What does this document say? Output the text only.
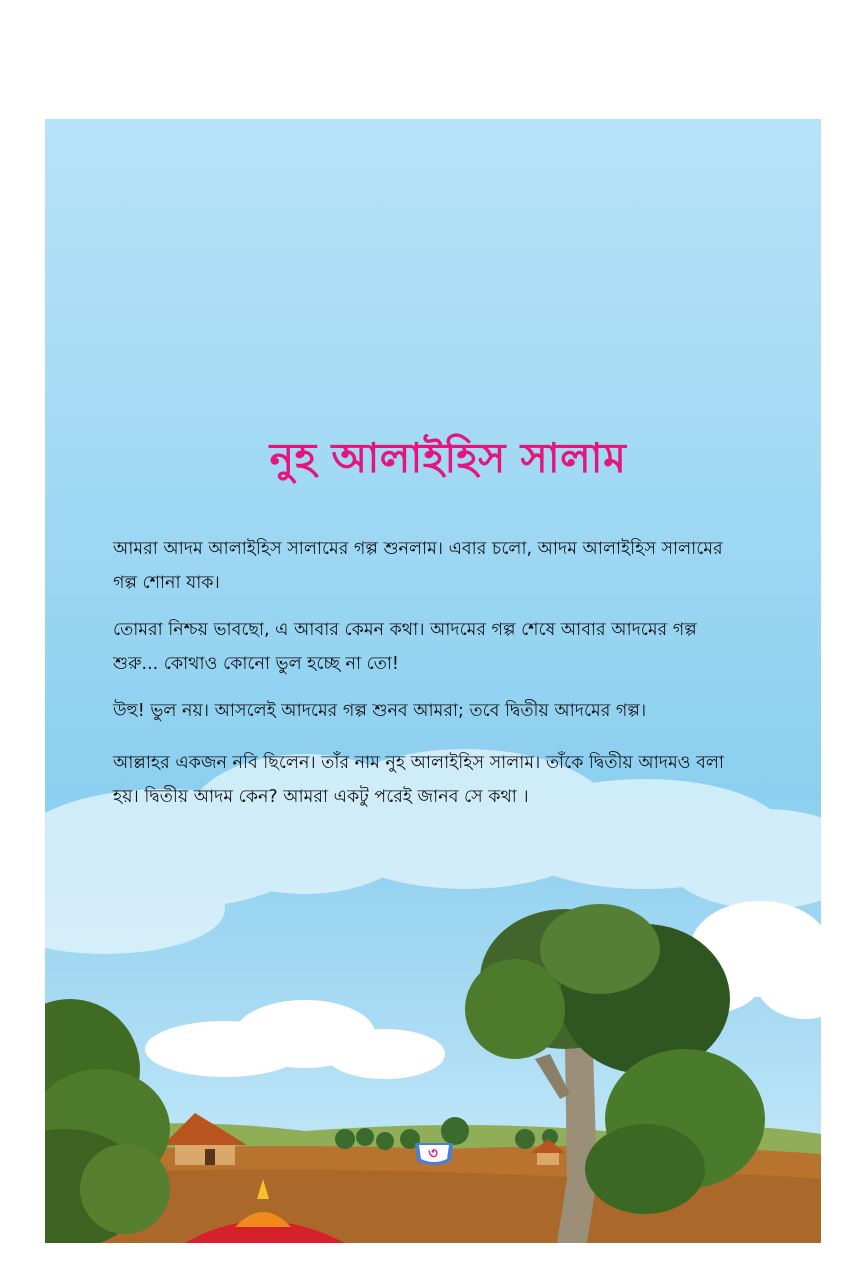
নুহ আলাইহিস সালাম

আমরা আদম আলাইহিস সালামের গল্প শুনলাম। এবার চলো, আদম আলাইহিস সালামের গল্প শোনা যাক।

তোমরা নিশ্চয় ভাবছো, এ আবার কেমন কথা। আদমের গল্প শেষে আবার আদমের গল্প শুরু... কোথাও কোনো ভুল হচ্ছে না তো!

উহু! ভুল নয়। আসলেই আদমের গল্প শুনব আমরা; তবে দ্বিতীয় আদমের গল্প।

আল্লাহর একজন নবি ছিলেন। তাঁর নাম নুহ আলাইহিস সালাম। তাঁকে দ্বিতীয় আদমও বলা হয়। দ্বিতীয় আদম কেন? আমরা একটু পরেই জানব সে কথা ।

৩
